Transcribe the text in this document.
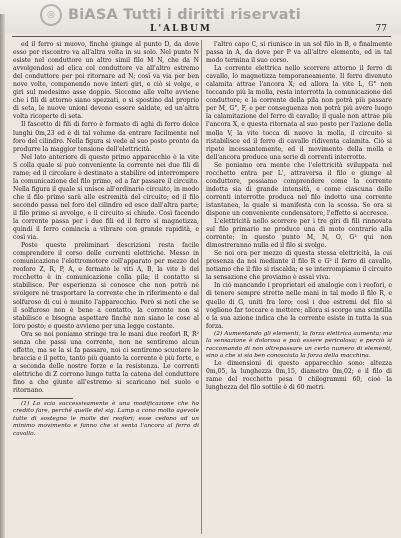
◎ BiASA Tutti i diritti riservati
L'ALBUM	77

ed il ferro si muovo, finchè giunge al punto D, da dove esso per riscontro va all'altra volta in su solo. Nel punto N esiste nel conduttore un altro simil filo M N, che da N avvolgendosi ad elica col conduttore va all'altro estremo del conduttore per poi ritornare ad N; così va via per ben nove volte, componendo nove interi giri, e ciò si volge, e giri sul medesimo asse doppio. Siccome alle volte avviene che i fili di attorno siano spezzati, o si spostino dal proprio di seta, le nuove unioni devono essere saldate, ed un'altra volta ricoperte di seta.

Il fascetto di fili di ferro è formato di aghi di ferro dolce lunghi 0m,23 ed è di tal volume da entrare facilmente nel foro del cilindro. Nella figura si vede al suo posto pronto da produrre la maggior tensione dell'elettricità.

Nel lato anteriore di questo primo apparecchio è la vite S colla quale si può conveniente la corrente nei due fili di rame; ed il circolare è destinato a stabilire od interrompere la comunicazione del filo primo, ed a far passare il circuito. Nella figura il quale si unisce all'ordinario circuito, in modo che il filo primo sarà alle estremità del circuito; ed il filo secondo passa nel foro del cilindro ed esce dall'altra parte; il filo primo si avvolge, e il circuito si chiude. Così facendo la corrente passa per i due fili ed il ferro si magnetizza, quindi il ferro comincia a vibrare con grande rapidità, e così via.

Poste queste preliminari descrizioni resta facile comprendere il corso delle correnti elettriche. Messo in comunicazione l'elettromotore coll'apparato per mezzo del reoforo Z, R, P, A, e fermato le viti A, B, la vite b del rocchetto è in comunicazione colla pila; il contatto si stabilisce. Per esperienza si conosce che non potrà nè svolgere nè trasportare la corrente che in riferimento e dal solfuroso di cui è munito l'apparecchio. Però si noti che se il solfuroso non è bene a contatto, la corrente non si stabilisce e bisogna aspettare finchè non siano le cose al loro posto; e questo avviene per una legge costante.

Ora se noi poniamo stringe tra le mani due reofori R, R² senza che passi una corrente, non ne sentiremo alcun effetto, ma se la si fa passare, noi ci sentiremo scuotere le braccia e il petto, tanto più quanto la corrente è più forte, e a seconda delle nostre forze e la resistenza. Le correnti elettriche di Z corrono lungo tutta la catena del conduttore fino a che giunte all'estremo si scaricano nel suolo e ritornano.

(1) Lo scia successivamente è una modificazione che ho credito fare, perché quelle del sig. Lamp a cono molto agevole tutte di sostegno le molle dei reofori; esse cedono ad un minimo movimento e fanno che si senta l'ancora al ferro di cavallo.

l'altro capo C, si riunisce in un sol filo in B, e finalmente passa in A, da dove per P va all'altro elemento, ed in tal modo termina il suo corso.

La corrente elettrica nello scorrere attorno il ferro di cavallo, lo magnetizza temporaneamente. Il ferro divenuto calamita attrae l'ancora X; ed allora la vite L, G° non toccando più la molla, resta interrotta la comunicazione del conduttore; e la corrente della pila non potrà più passare per M, G°, F, e per conseguenza non potrà più avere luogo la calamitazione del ferro di cavallo; il quale non attrae più l'ancora X, e questa ritornata al suo posto per l'azione della molla V, la vite tocca di nuovo la molla, il circuito si ristabilisce ed il ferro di cavallo ridiventa calamita. Ciò si ripete incessantemente, ed il movimento della molla e dell'ancora produce una serie di correnti interrotte.

Se poniamo ora mente che l'elettricità sviluppata nel rocchetto entra per L', attraversa il filo e giunge al conduttore, possiamo comprendere come la corrente indotta sia di grande intensità, e come ciascuna delle correnti interrotte produca nel filo indotto una corrente istantanea, la quale si manifesta con la scossa. Se ora si dispone un conveniente condensatore, l'effetto si accresce.

L'elettricità nello scorrere per i tre giri di fili rinnovata sul filo primario ne produce una di moto contrario alla corrente; in questo punto M, N, O, G² qui non dimostreranno nulla ed il filo si svolge.

Se noi ora per mezzo di questa stessa elettricità, la cui presenza da noi mediante il filo R e G² il ferro di cavallo, notiamo che il filo si riscalda; e se interrompiamo il circuito la sensazione che proviamo è assai viva.

In ciò mancando i proprietari ed analogie con i reofori, e di tenere sempre strette nelle mani in tal modo il filo R, e quello di G, uniti fra loro; così i due estremi del filo si vogliono far toccare e mettere; allora si scorge una scintilla e la sua azione indica che la corrente esiste in tutta la sua forza.

(2) Aumentando gli elementi, la forza elettrica aumenta; ma la sensazione è dolorosa e può essere pericolosa; e perciò si raccomanda di non oltrepassare un certo numero di elementi, sino a che si sia ben conosciuta la forza della macchina.

Le dimensioni di questo apparecchio sono: altezza 0m,05, la lunghezza 0m,15, diametro 0m,02; e il filo di rame del rocchetto pesa 0 chilogrammi 60, cioè la lunghezza del filo sottile è di 60 metri.
